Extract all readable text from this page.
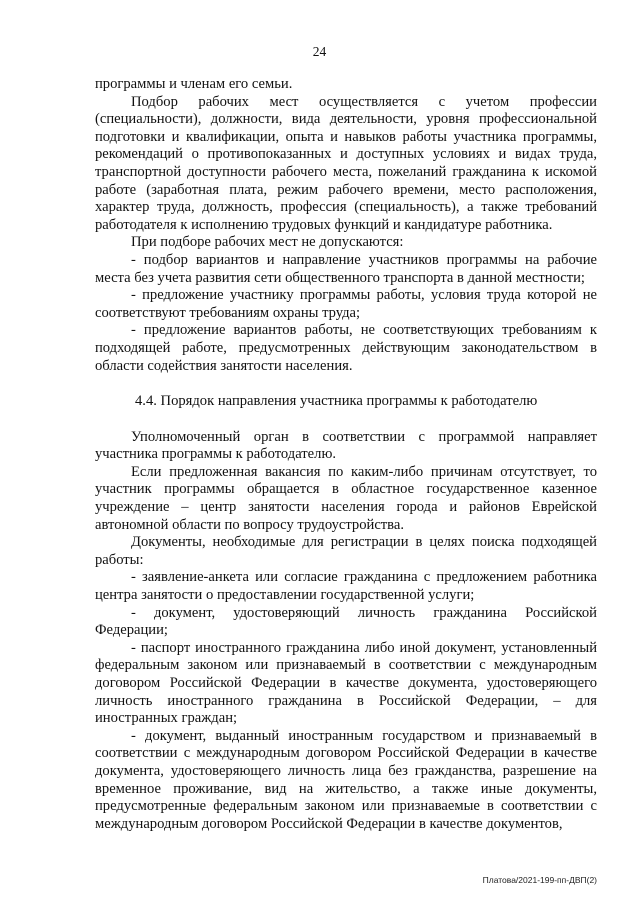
24

программы и членам его семьи.

Подбор рабочих мест осуществляется с учетом профессии (специальности), должности, вида деятельности, уровня профессиональной подготовки и квалификации, опыта и навыков работы участника программы, рекомендаций о противопоказанных и доступных условиях и видах труда, транспортной доступности рабочего места, пожеланий гражданина к искомой работе (заработная плата, режим рабочего времени, место расположения, характер труда, должность, профессия (специальность), а также требований работодателя к исполнению трудовых функций и кандидатуре работника.

При подборе рабочих мест не допускаются:

- подбор вариантов и направление участников программы на рабочие места без учета развития сети общественного транспорта в данной местности;

- предложение участнику программы работы, условия труда которой не соответствуют требованиям охраны труда;

- предложение вариантов работы, не соответствующих требованиям к подходящей работе, предусмотренных действующим законодательством в области содействия занятости населения.

4.4. Порядок направления участника программы к работодателю

Уполномоченный орган в соответствии с программой направляет участника программы к работодателю.

Если предложенная вакансия по каким-либо причинам отсутствует, то участник программы обращается в областное государственное казенное учреждение – центр занятости населения города и районов Еврейской автономной области по вопросу трудоустройства.

Документы, необходимые для регистрации в целях поиска подходящей работы:

- заявление-анкета или согласие гражданина с предложением работника центра занятости о предоставлении государственной услуги;

- документ, удостоверяющий личность гражданина Российской Федерации;

- паспорт иностранного гражданина либо иной документ, установленный федеральным законом или признаваемый в соответствии с международным договором Российской Федерации в качестве документа, удостоверяющего личность иностранного гражданина в Российской Федерации, – для иностранных граждан;

- документ, выданный иностранным государством и признаваемый в соответствии с международным договором Российской Федерации в качестве документа, удостоверяющего личность лица без гражданства, разрешение на временное проживание, вид на жительство, а также иные документы, предусмотренные федеральным законом или признаваемые в соответствии с международным договором Российской Федерации в качестве документов,

Платова/2021-199-пп-ДВП(2)
